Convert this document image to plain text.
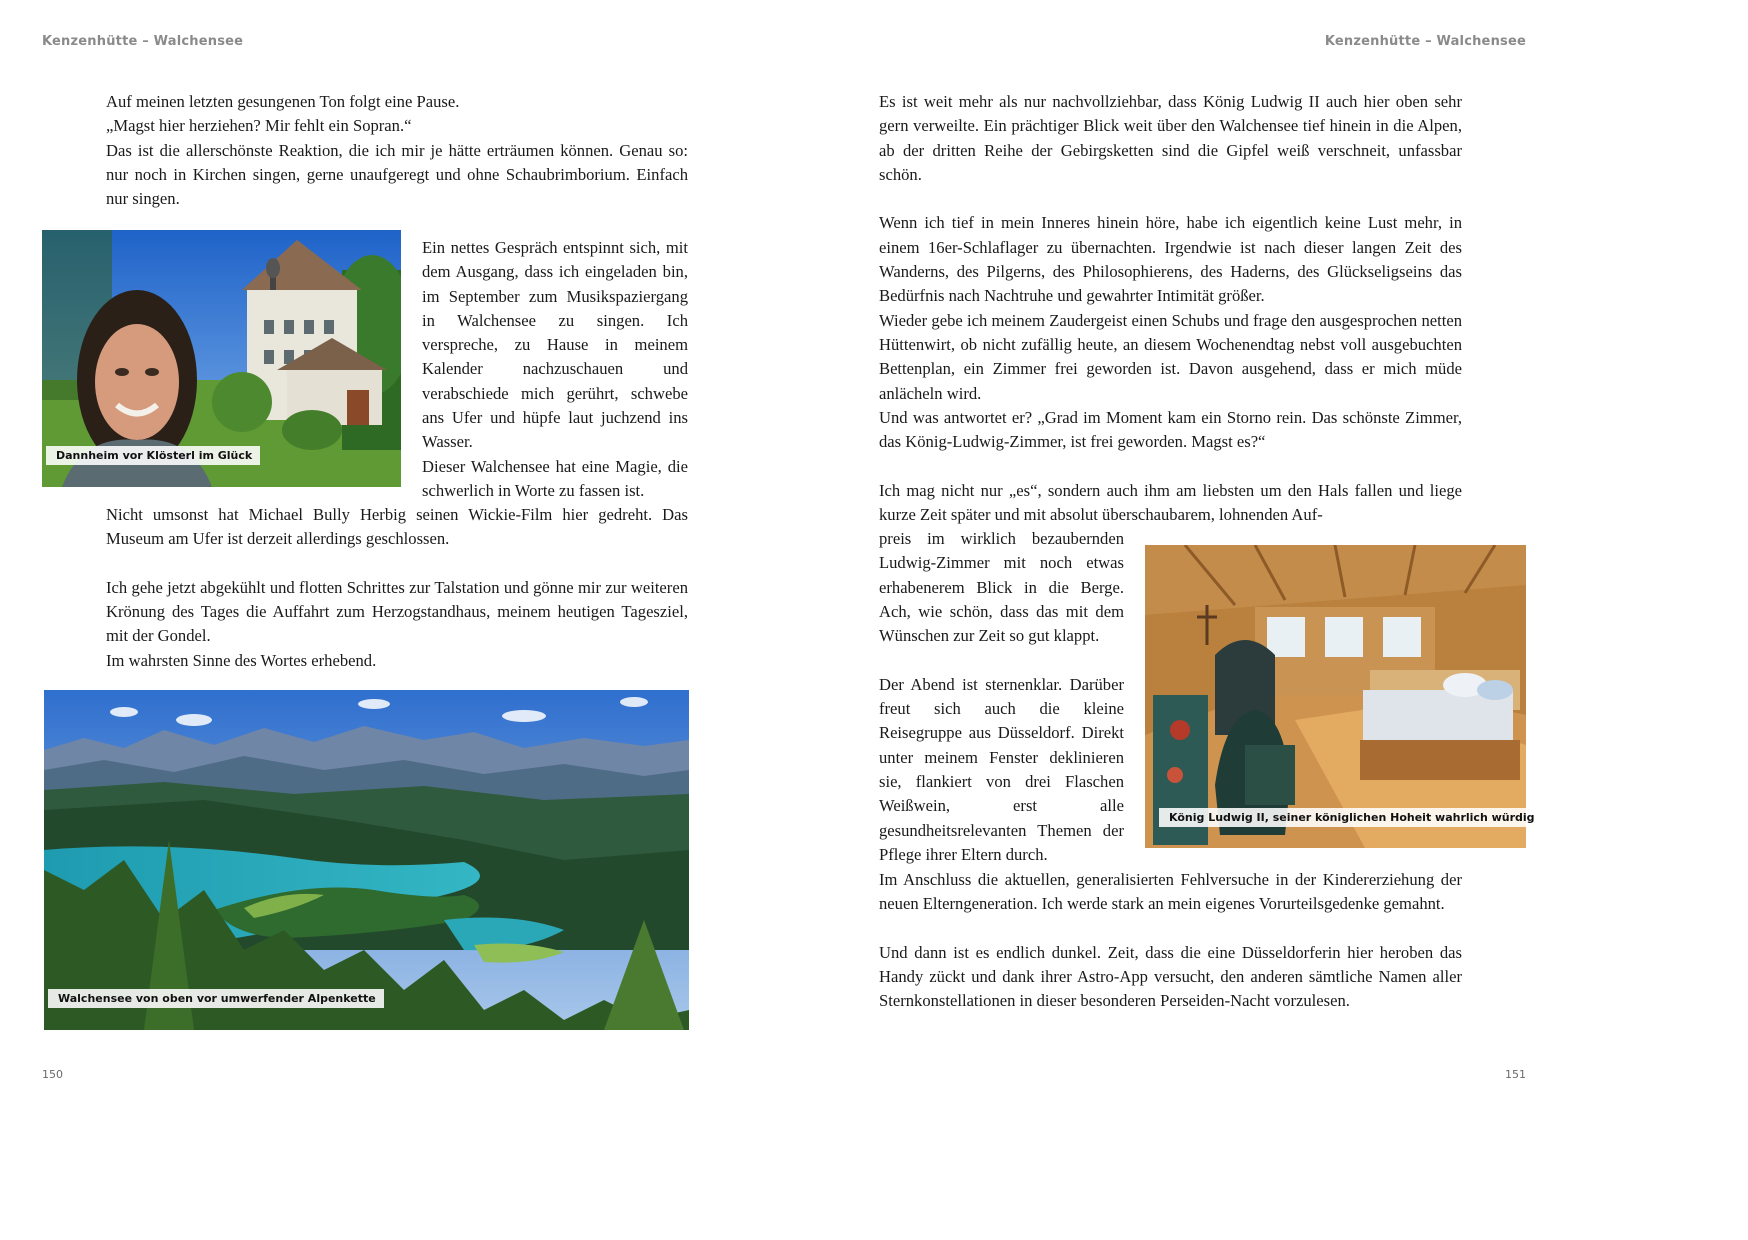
Kenzenhütte – Walchensee

Auf meinen letzten gesungenen Ton folgt eine Pause.

„Magst hier herziehen? Mir fehlt ein Sopran.“

Das ist die allerschönste Reaktion, die ich mir je hätte erträumen können. Genau so: nur noch in Kirchen singen, gerne unaufgeregt und ohne Schaubrimborium. Einfach nur singen.

Dannheim vor Klösterl im Glück

Ein nettes Gespräch entspinnt sich, mit dem Ausgang, dass ich eingeladen bin, im September zum Musikspaziergang in Walchensee zu singen. Ich verspreche, zu Hause in meinem Kalender nachzuschauen und verabschiede mich gerührt, schwebe ans Ufer und hüpfe laut juchzend ins Wasser.

Dieser Walchensee hat eine Magie, die schwerlich in Worte zu fassen ist.

Nicht umsonst hat Michael Bully Herbig seinen Wickie-Film hier gedreht. Das Museum am Ufer ist derzeit allerdings geschlossen.

Ich gehe jetzt abgekühlt und flotten Schrittes zur Talstation und gönne mir zur weiteren Krönung des Tages die Auffahrt zum Herzogstandhaus, meinem heutigen Tagesziel, mit der Gondel.

Im wahrsten Sinne des Wortes erhebend.

Walchensee von oben vor umwerfender Alpenkette
150
Kenzenhütte – Walchensee

Es ist weit mehr als nur nachvollziehbar, dass König Ludwig II auch hier oben sehr gern verweilte. Ein prächtiger Blick weit über den Walchensee tief hinein in die Alpen, ab der dritten Reihe der Gebirgsketten sind die Gipfel weiß verschneit, unfassbar schön.

Wenn ich tief in mein Inneres hinein höre, habe ich eigentlich keine Lust mehr, in einem 16er-Schlaflager zu übernachten. Irgendwie ist nach dieser langen Zeit des Wanderns, des Pilgerns, des Philosophierens, des Haderns, des Glückseligseins das Bedürfnis nach Nachtruhe und gewahrter Intimität größer.

Wieder gebe ich meinem Zaudergeist einen Schubs und frage den ausgesprochen netten Hüttenwirt, ob nicht zufällig heute, an diesem Wochenendtag nebst voll ausgebuchten Bettenplan, ein Zimmer frei geworden ist. Davon ausgehend, dass er mich müde anlächeln wird.

Und was antwortet er? „Grad im Moment kam ein Storno rein. Das schönste Zimmer, das König-Ludwig-Zimmer, ist frei geworden. Magst es?“

Ich mag nicht nur „es“, sondern auch ihm am liebsten um den Hals fallen und liege kurze Zeit später und mit absolut überschaubarem, lohnenden Auf-

preis im wirklich bezaubernden Ludwig-Zimmer mit noch etwas erhabenerem Blick in die Berge. Ach, wie schön, dass das mit dem Wünschen zur Zeit so gut klappt.

Der Abend ist sternenklar. Darüber freut sich auch die kleine Reisegruppe aus Düsseldorf. Direkt unter meinem Fenster deklinieren sie, flankiert von drei Flaschen Weißwein, erst alle gesundheitsrelevanten Themen der Pflege ihrer Eltern durch.

König Ludwig II, seiner königlichen Hoheit wahrlich würdig

Im Anschluss die aktuellen, generalisierten Fehlversuche in der Kindererziehung der neuen Elterngeneration. Ich werde stark an mein eigenes Vorurteilsgedenke gemahnt.

Und dann ist es endlich dunkel. Zeit, dass die eine Düsseldorferin hier heroben das Handy zückt und dank ihrer Astro-App versucht, den anderen sämtliche Namen aller Sternkonstellationen in dieser besonderen Perseiden-Nacht vorzulesen.

151
